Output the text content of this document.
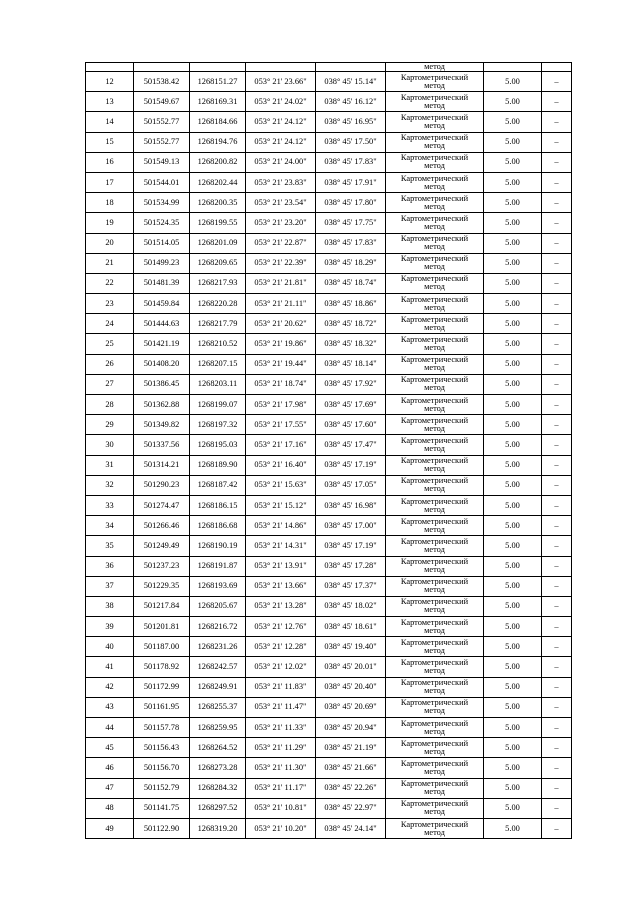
					метод		
12	501538.42	1268151.27	053° 21' 23.66"	038° 45' 15.14"	Картометрический
метод	5.00	–
13	501549.67	1268169.31	053° 21' 24.02"	038° 45' 16.12"	Картометрический
метод	5.00	–
14	501552.77	1268184.66	053° 21' 24.12"	038° 45' 16.95"	Картометрический
метод	5.00	–
15	501552.77	1268194.76	053° 21' 24.12"	038° 45' 17.50"	Картометрический
метод	5.00	–
16	501549.13	1268200.82	053° 21' 24.00"	038° 45' 17.83"	Картометрический
метод	5.00	–
17	501544.01	1268202.44	053° 21' 23.83"	038° 45' 17.91"	Картометрический
метод	5.00	–
18	501534.99	1268200.35	053° 21' 23.54"	038° 45' 17.80"	Картометрический
метод	5.00	–
19	501524.35	1268199.55	053° 21' 23.20"	038° 45' 17.75"	Картометрический
метод	5.00	–
20	501514.05	1268201.09	053° 21' 22.87"	038° 45' 17.83"	Картометрический
метод	5.00	–
21	501499.23	1268209.65	053° 21' 22.39"	038° 45' 18.29"	Картометрический
метод	5.00	–
22	501481.39	1268217.93	053° 21' 21.81"	038° 45' 18.74"	Картометрический
метод	5.00	–
23	501459.84	1268220.28	053° 21' 21.11"	038° 45' 18.86"	Картометрический
метод	5.00	–
24	501444.63	1268217.79	053° 21' 20.62"	038° 45' 18.72"	Картометрический
метод	5.00	–
25	501421.19	1268210.52	053° 21' 19.86"	038° 45' 18.32"	Картометрический
метод	5.00	–
26	501408.20	1268207.15	053° 21' 19.44"	038° 45' 18.14"	Картометрический
метод	5.00	–
27	501386.45	1268203.11	053° 21' 18.74"	038° 45' 17.92"	Картометрический
метод	5.00	–
28	501362.88	1268199.07	053° 21' 17.98"	038° 45' 17.69"	Картометрический
метод	5.00	–
29	501349.82	1268197.32	053° 21' 17.55"	038° 45' 17.60"	Картометрический
метод	5.00	–
30	501337.56	1268195.03	053° 21' 17.16"	038° 45' 17.47"	Картометрический
метод	5.00	–
31	501314.21	1268189.90	053° 21' 16.40"	038° 45' 17.19"	Картометрический
метод	5.00	–
32	501290.23	1268187.42	053° 21' 15.63"	038° 45' 17.05"	Картометрический
метод	5.00	–
33	501274.47	1268186.15	053° 21' 15.12"	038° 45' 16.98"	Картометрический
метод	5.00	–
34	501266.46	1268186.68	053° 21' 14.86"	038° 45' 17.00"	Картометрический
метод	5.00	–
35	501249.49	1268190.19	053° 21' 14.31"	038° 45' 17.19"	Картометрический
метод	5.00	–
36	501237.23	1268191.87	053° 21' 13.91"	038° 45' 17.28"	Картометрический
метод	5.00	–
37	501229.35	1268193.69	053° 21' 13.66"	038° 45' 17.37"	Картометрический
метод	5.00	–
38	501217.84	1268205.67	053° 21' 13.28"	038° 45' 18.02"	Картометрический
метод	5.00	–
39	501201.81	1268216.72	053° 21' 12.76"	038° 45' 18.61"	Картометрический
метод	5.00	–
40	501187.00	1268231.26	053° 21' 12.28"	038° 45' 19.40"	Картометрический
метод	5.00	–
41	501178.92	1268242.57	053° 21' 12.02"	038° 45' 20.01"	Картометрический
метод	5.00	–
42	501172.99	1268249.91	053° 21' 11.83"	038° 45' 20.40"	Картометрический
метод	5.00	–
43	501161.95	1268255.37	053° 21' 11.47"	038° 45' 20.69"	Картометрический
метод	5.00	–
44	501157.78	1268259.95	053° 21' 11.33"	038° 45' 20.94"	Картометрический
метод	5.00	–
45	501156.43	1268264.52	053° 21' 11.29"	038° 45' 21.19"	Картометрический
метод	5.00	–
46	501156.70	1268273.28	053° 21' 11.30"	038° 45' 21.66"	Картометрический
метод	5.00	–
47	501152.79	1268284.32	053° 21' 11.17"	038° 45' 22.26"	Картометрический
метод	5.00	–
48	501141.75	1268297.52	053° 21' 10.81"	038° 45' 22.97"	Картометрический
метод	5.00	–
49	501122.90	1268319.20	053° 21' 10.20"	038° 45' 24.14"	Картометрический
метод	5.00	–
